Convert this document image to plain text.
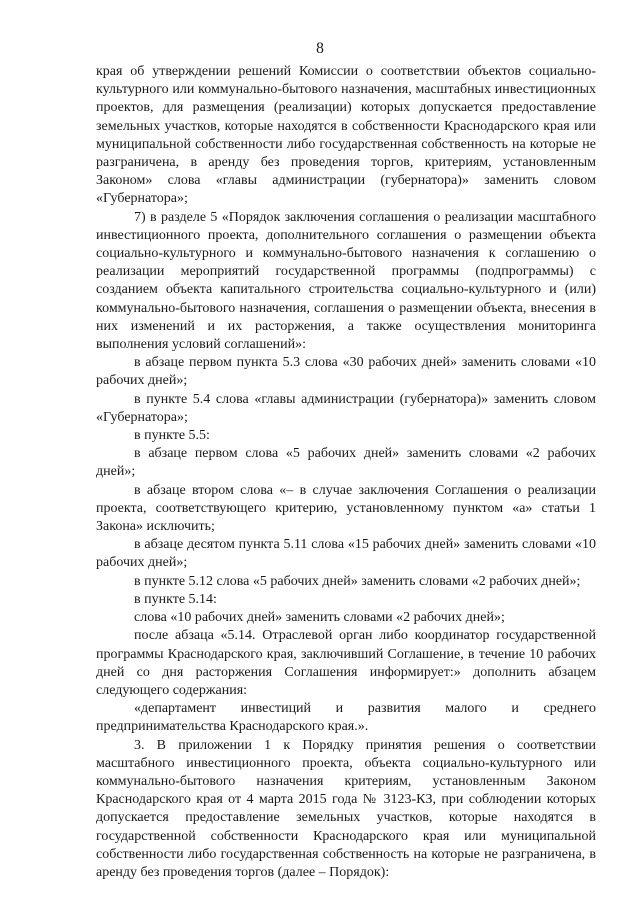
8

края об утверждении решений Комиссии о соответствии объектов социально-культурного или коммунально-бытового назначения, масштабных инвестиционных проектов, для размещения (реализации) которых допускается предоставление земельных участков, которые находятся в собственности Краснодарского края или муниципальной собственности либо государственная собственность на которые не разграничена, в аренду без проведения торгов, критериям, установленным Законом» слова «главы администрации (губернатора)» заменить словом «Губернатора»;

7) в разделе 5 «Порядок заключения соглашения о реализации масштабного инвестиционного проекта, дополнительного соглашения о размещении объекта социально-культурного и коммунально-бытового назначения к соглашению о реализации мероприятий государственной программы (подпрограммы) с созданием объекта капитального строительства социально-культурного и (или) коммунально-бытового назначения, соглашения о размещении объекта, внесения в них изменений и их расторжения, а также осуществления мониторинга выполнения условий соглашений»:

в абзаце первом пункта 5.3 слова «30 рабочих дней» заменить словами «10 рабочих дней»;

в пункте 5.4 слова «главы администрации (губернатора)» заменить словом «Губернатора»;

в пункте 5.5:

в абзаце первом слова «5 рабочих дней» заменить словами «2 рабочих дней»;

в абзаце втором слова «– в случае заключения Соглашения о реализации проекта, соответствующего критерию, установленному пунктом «а» статьи 1 Закона» исключить;

в абзаце десятом пункта 5.11 слова «15 рабочих дней» заменить словами «10 рабочих дней»;

в пункте 5.12 слова «5 рабочих дней» заменить словами «2 рабочих дней»;

в пункте 5.14:

слова «10 рабочих дней» заменить словами «2 рабочих дней»;

после абзаца «5.14. Отраслевой орган либо координатор государственной программы Краснодарского края, заключивший Соглашение, в течение 10 рабочих дней со дня расторжения Соглашения информирует:» дополнить абзацем следующего содержания:

«департамент инвестиций и развития малого и среднего предпринимательства Краснодарского края.».

3. В приложении 1 к Порядку принятия решения о соответствии масштабного инвестиционного проекта, объекта социально-культурного или коммунально-бытового назначения критериям, установленным Законом Краснодарского края от 4 марта 2015 года № 3123-КЗ, при соблюдении которых допускается предоставление земельных участков, которые находятся в государственной собственности Краснодарского края или муниципальной собственности либо государственная собственность на которые не разграничена, в аренду без проведения торгов (далее – Порядок):
